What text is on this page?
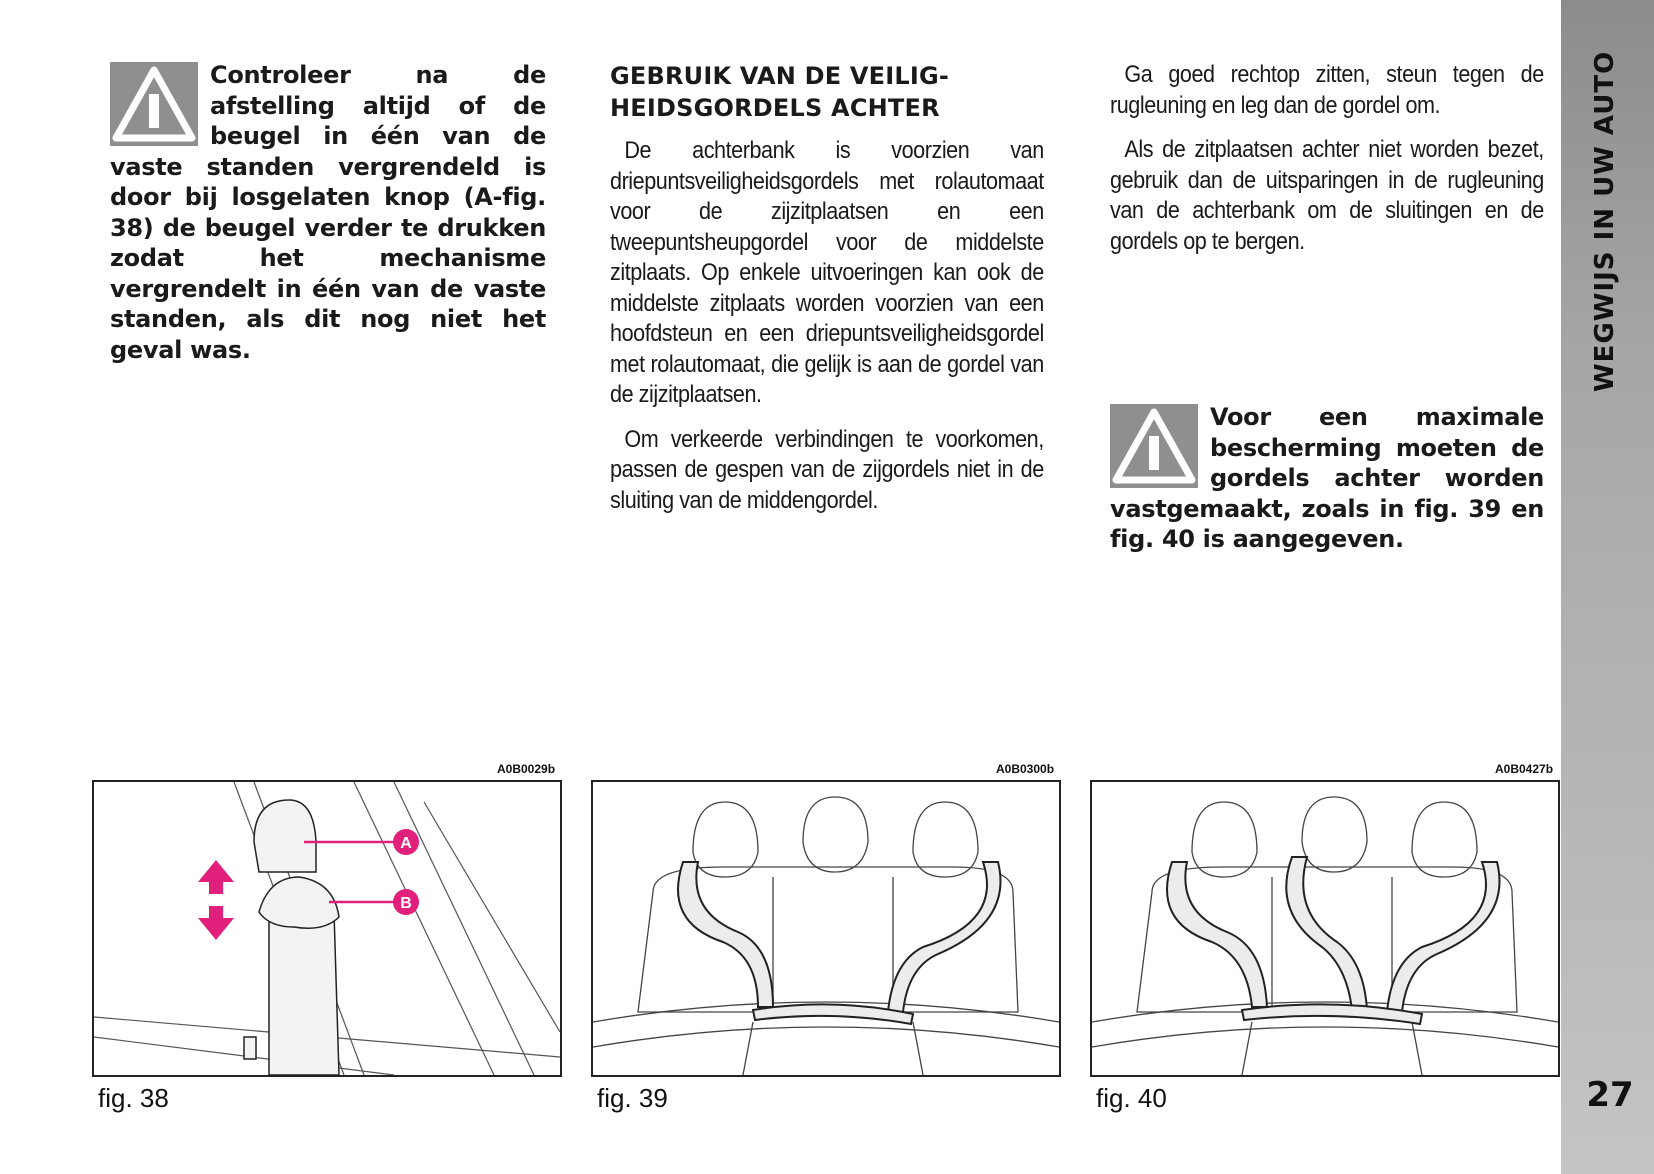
WEGWIJS IN UW AUTO
27
Controleer na de afstelling altijd of de beugel in één van de vaste standen vergrendeld is door bij losgelaten knop (A-fig. 38) de beugel verder te drukken zodat het mechanisme vergrendelt in één van de vaste standen, als dit nog niet het geval was.
GEBRUIK VAN DE VEILIG-
HEIDSGORDELS ACHTER

De achterbank is voorzien van driepuntsveiligheidsgordels met rolautomaat voor de zijzitplaatsen en een tweepuntsheupgordel voor de middelste zitplaats. Op enkele uitvoeringen kan ook de middelste zitplaats worden voorzien van een hoofdsteun en een driepuntsveiligheidsgordel met rolautomaat, die gelijk is aan de gordel van de zijzitplaatsen.

Om verkeerde verbindingen te voorkomen, passen de gespen van de zijgordels niet in de sluiting van de middengordel.

Ga goed rechtop zitten, steun tegen de rugleuning en leg dan de gordel om.

Als de zitplaatsen achter niet worden bezet, gebruik dan de uitsparingen in de rugleuning van de achterbank om de sluitingen en de gordels op te bergen.

Voor een maximale bescherming moeten de gordels achter worden vastgemaakt, zoals in fig. 39 en fig. 40 is aangegeven.
A0B0029b
A
B
fig. 38
A0B0300b
fig. 39
A0B0427b
fig. 40
